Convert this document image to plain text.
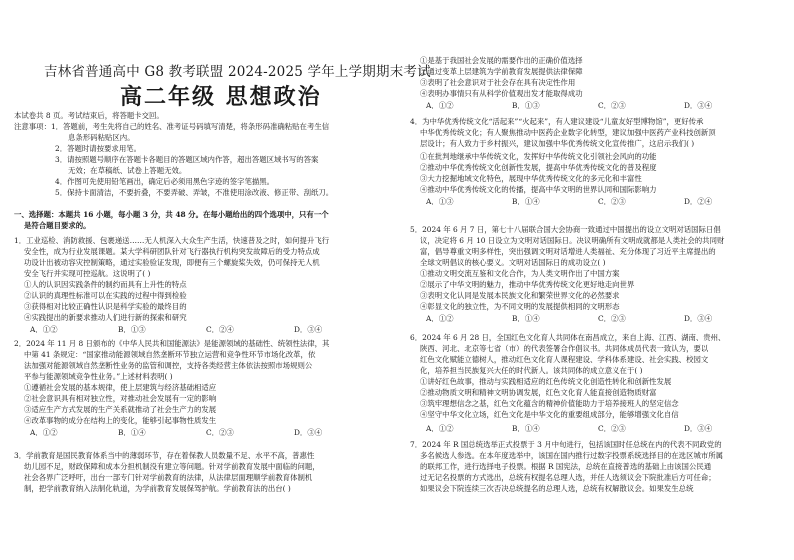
吉林省普通高中 G8 教考联盟 2024-2025 学年上学期期末考试
高二年级 思想政治
本试卷共 8 页。考试结束后，将答题卡交回。
注意事项：1．答题前，考生先将自己的姓名、准考证号码填写清楚，将条形码准确粘贴在考生信
息条形码粘贴区内。
2．答题时请按要求用笔。
3．请按照题号顺序在答题卡各题目的答题区域内作答，超出答题区域书写的答案
无效；在草稿纸、试卷上答题无效。
4．作图可先使用铅笔画出，确定后必须用黑色字迹的签字笔描黑。
5．保持卡面清洁，不要折叠，不要弄破、弄皱，不准使用涂改液、修正带、刮纸刀。
一、选择题：本题共 16 小题，每小题 3 分，共 48 分。在每小题给出的四个选项中，只有一个
是符合题目要求的。
1．工业巡检、消防救援、包裹递送……无人机深入大众生产生活，快速普及之时，如何提升飞行
安全性，成为行业发展课题。某大学科研团队针对飞行器执行机构突发故障后的受力特点成
功设计出被动容灾控制策略，通过实验验证发现，即便有三个螺旋桨失效，仍可保持无人机
安全飞行并实现可控巡航。这说明了( )
①人的认识因实践条件的制约而具有上升性的特点
②认识的真理性标准可以在实践的过程中得到检验
③获得相对比较正确性认识是科学实验的最终目的
④实践提出的新要求推动人们进行新的探索和研究
A．①②	B．①③	C．②④	D．③④
2．2024 年 11 月 8 日颁布的《中华人民共和国能源法》是能源领域的基础性、统领性法律，其
中第 41 条规定：“国家推动能源领域自然垄断环节独立运营和竞争性环节市场化改革，依
法加强对能源领域自然垄断性业务的监管和调控，支持各类经营主体依法按照市场规则公
平参与能源领域竞争性业务。”上述材料表明( )
①遵循社会发展的基本规律，使上层建筑与经济基础相适应
②社会意识具有相对独立性，对推动社会发展有一定的影响
③适应生产方式发展的生产关系就推动了社会生产力的发展
④改革事物的成分在结构上的变化，能够引起事物性质发生
A．①②	B．①④	C．②③	D．③④
3．学前教育是国民教育体系当中的薄弱环节，存在着保教人员数量不足、水平不高，普惠性
幼儿园不足，财政保障和成本分担机制没有建立等问题。针对学前教育发展中面临的问题，
社会各界广泛呼吁，出台一部专门针对学前教育的法律，从法律层面理顺学前教育体制机
制，把学前教育纳入法制化轨道，为学前教育发展保驾护航。学前教育法的出台( )
①是基于我国社会发展的需要作出的正确价值选择
②通过变革上层建筑为学前教育发展提供法律保障
③表明了社会意识对于社会存在具有决定性作用
④表明办事情只有从科学价值观出发才能取得成功
A．①②	B．①③	C．②③	D．③④
4．为中华优秀传统文化“活起来”“火起来”，有人建议建设“儿童友好型博物馆”，更好传承
中华优秀传统文化；有人聚焦推动中医药企业数字化转型，建议加强中医药产业科技创新顶
层设计；有人致力于乡村振兴，建议加强中华优秀传统文化宣传推广，这启示我们( )
①在批判地继承中华传统文化，发挥好中华传统文化引领社会风向的功能
②推动中华优秀传统文化创新性发展，提高中华优秀传统文化的普及程度
③大力挖掘地域文化特色，展现中华优秀传统文化的多元化和丰富性
④推动中华优秀传统文化的传播，提高中华文明的世界认同和国际影响力
A．①③	B．①④	C．②③	D．②④
5．2024 年 6 月 7 日，第七十八届联合国大会协商一致通过中国提出的设立文明对话国际日倡
议，决定将 6 月 10 日设立为文明对话国际日。决议明确所有文明成就都是人类社会的共同财
富，倡导尊重文明多样性，突出强调文明对话增进人类福祉、充分体现了习近平主席提出的
全球文明倡议的核心要义。文明对话国际日的成功设立( )
①推动文明交流互鉴和文化合作，为人类文明作出了中国方案
②展示了中华文明的魅力，推动中华优秀传统文化更好地走向世界
③表明文化认同是发展本民族文化和繁荣世界文化的必然要求
④彰显文化的独立性，为不同文明的发展提供相同的文明形态
A．①②	B．①④	C．②③	D．③④
6．2024 年 6 月 28 日，全国红色文化育人共同体在南昌成立，来自上海、江西、湖南、贵州、
陕西、河北、北京等七省（市）的代表签署合作倡议书。共同体成员代表一致认为，要以
红色文化赋能立德树人，推动红色文化育人课程建设、学科体系建设、社会实践、校园文
化，培养担当民族复兴大任的时代新人。该共同体的成立意义在于( )
①讲好红色故事，推动与实践相适应的红色传统文化创造性转化和创新性发展
②推动物质文明和精神文明协调发展，红色文化育人能直接创造物质财富
③筑牢理想信念之基，红色文化蕴含的精神价值能助力于培养接班人的坚定信念
④坚守中华文化立场，红色文化是中华文化的重要组成部分，能够增强文化自信
A．①②	B．①④	C．②③	D．③④
7．2024 年 R 国总统选举正式投票于 3 月中旬进行，包括该国时任总统在内的代表不同政党的
多名候选人参选。在本年度选举中，该国在国内推行过数字投票系统选择目的在选区城市所属
的联邦工作，进行选择电子投票。根据 R 国宪法，总统在直接普选的基础上由该国公民通
过无记名投票的方式选出，总统有权提名总理人选，并任人选须议会下院批准后方可任命；
如果议会下院连续三次否决总统提名的总理人选，总统有权解散议会。如果发生总统
